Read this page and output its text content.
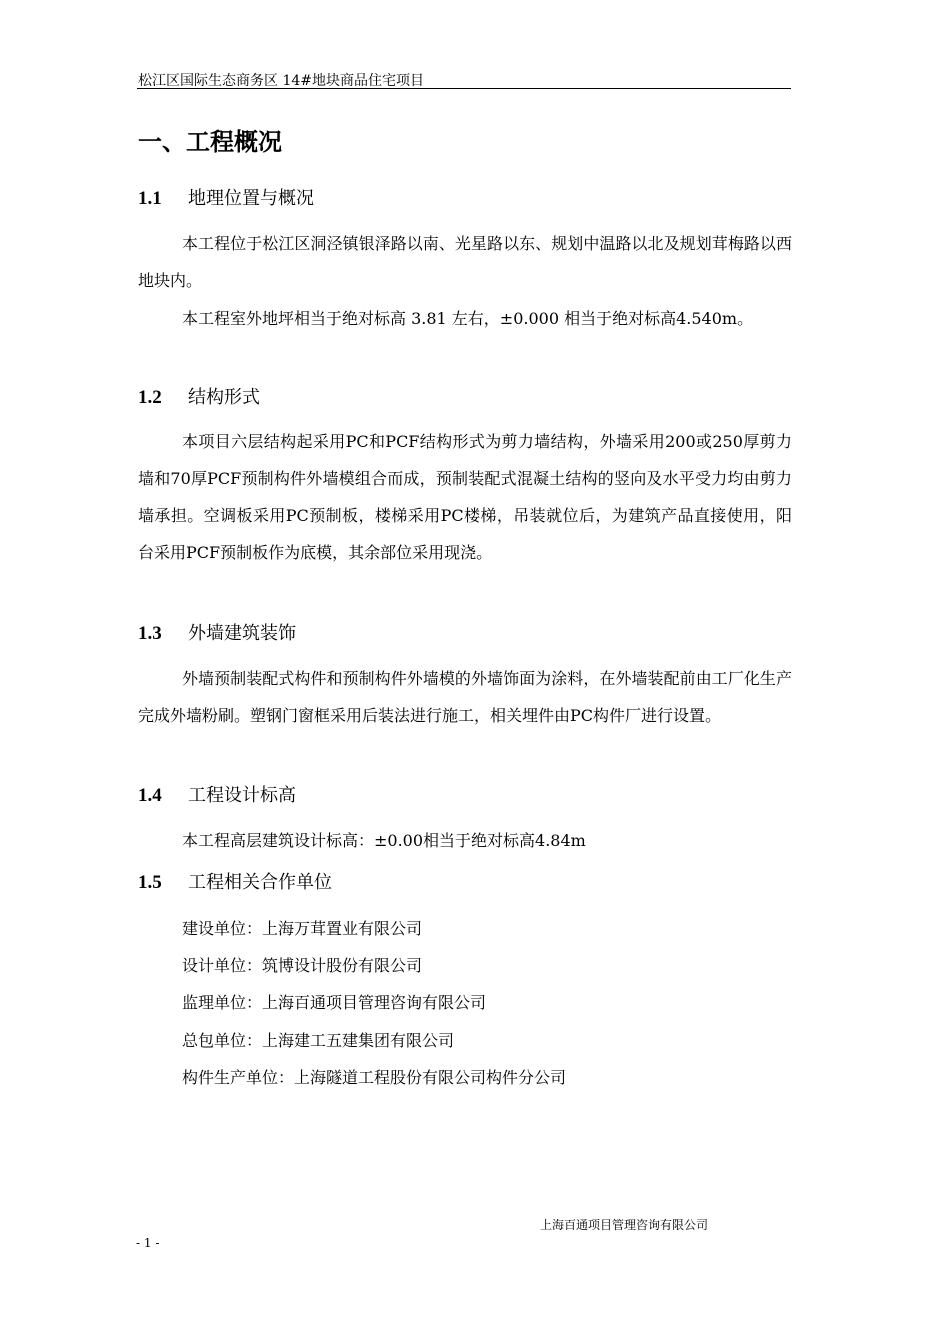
松江区国际生态商务区 14#地块商品住宅项目
一、工程概况
1.1 地理位置与概况
本工程位于松江区洞泾镇银泽路以南、光星路以东、规划中温路以北及规划茸梅路以西地块内。
本工程室外地坪相当于绝对标高 3.81 左右，±0.000 相当于绝对标高4.540m。
1.2 结构形式
本项目六层结构起采用PC和PCF结构形式为剪力墙结构，外墙采用200或250厚剪力墙和70厚PCF预制构件外墙模组合而成，预制装配式混凝土结构的竖向及水平受力均由剪力墙承担。空调板采用PC预制板，楼梯采用PC楼梯，吊装就位后，为建筑产品直接使用，阳台采用PCF预制板作为底模，其余部位采用现浇。
1.3 外墙建筑装饰
外墙预制装配式构件和预制构件外墙模的外墙饰面为涂料，在外墙装配前由工厂化生产完成外墙粉刷。塑钢门窗框采用后装法进行施工，相关埋件由PC构件厂进行设置。
1.4 工程设计标高
本工程高层建筑设计标高：±0.00相当于绝对标高4.84m
1.5 工程相关合作单位
建设单位：上海万茸置业有限公司
设计单位：筑博设计股份有限公司
监理单位：上海百通项目管理咨询有限公司
总包单位：上海建工五建集团有限公司
构件生产单位：上海隧道工程股份有限公司构件分公司
上海百通项目管理咨询有限公司
- 1 -
